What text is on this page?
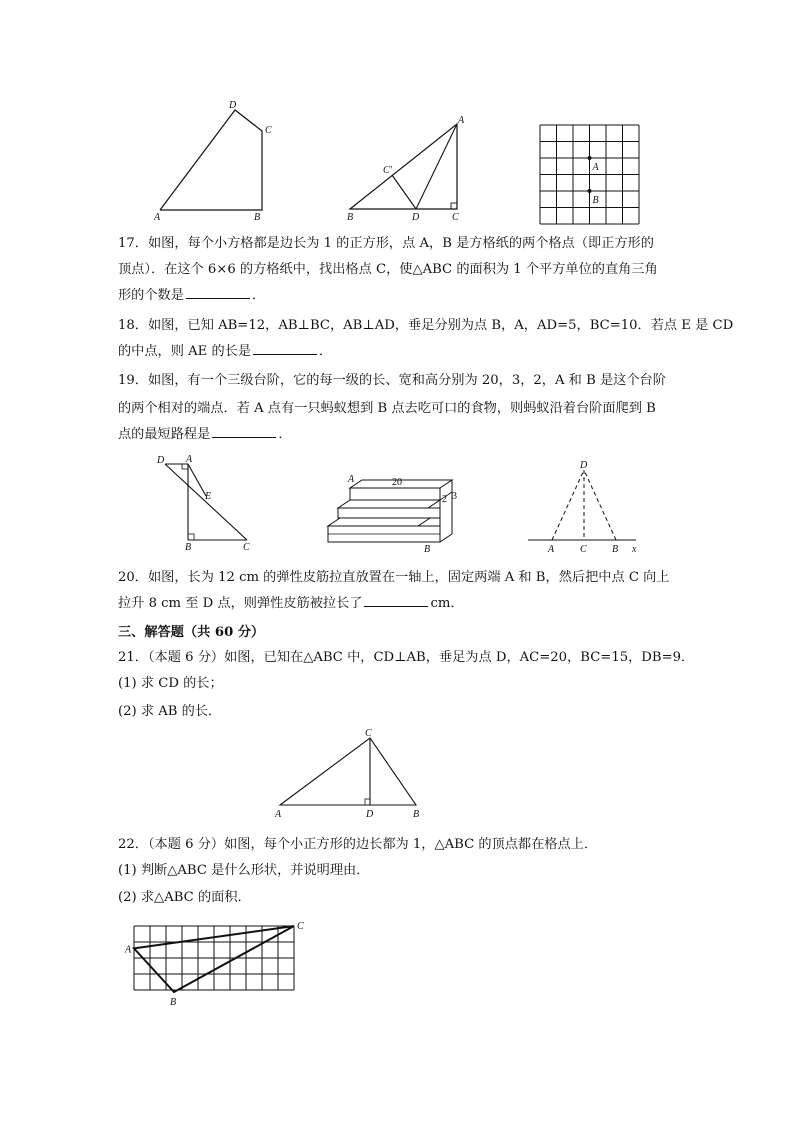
D
C
A	B
A
C'
B	D	C
A
B
17．如图，每个小方格都是边长为 1 的正方形，点 A，B 是方格纸的两个格点（即正方形的
顶点）．在这个 6×6 的方格纸中，找出格点 C，使△ABC 的面积为 1 个平方单位的直角三角
形的个数是	．
18．如图，已知 AB=12，AB⊥BC，AB⊥AD，垂足分别为点 B，A，AD=5，BC=10．若点 E 是 CD
的中点，则 AE 的长是	．
19．如图，有一个三级台阶，它的每一级的长、宽和高分别为 20，3，2，A 和 B 是这个台阶
的两个相对的端点．若 A 点有一只蚂蚁想到 B 点去吃可口的食物，则蚂蚁沿着台阶面爬到 B
点的最短路程是	．
D A
E
B	C
A	20
2 3
B
D
A	C	B x
20．如图，长为 12 cm 的弹性皮筋拉直放置在一轴上，固定两端 A 和 B，然后把中点 C 向上
拉升 8 cm 至 D 点，则弹性皮筋被拉长了	cm．
三、解答题（共 60 分）
21．（本题 6 分）如图，已知在△ABC 中，CD⊥AB，垂足为点 D，AC=20，BC=15，DB=9．
(1) 求 CD 的长；
(2) 求 AB 的长．
C
A	D	B
22．（本题 6 分）如图，每个小正方形的边长都为 1，△ABC 的顶点都在格点上．
(1) 判断△ABC 是什么形状，并说明理由．
(2) 求△ABC 的面积．
A
C
B
